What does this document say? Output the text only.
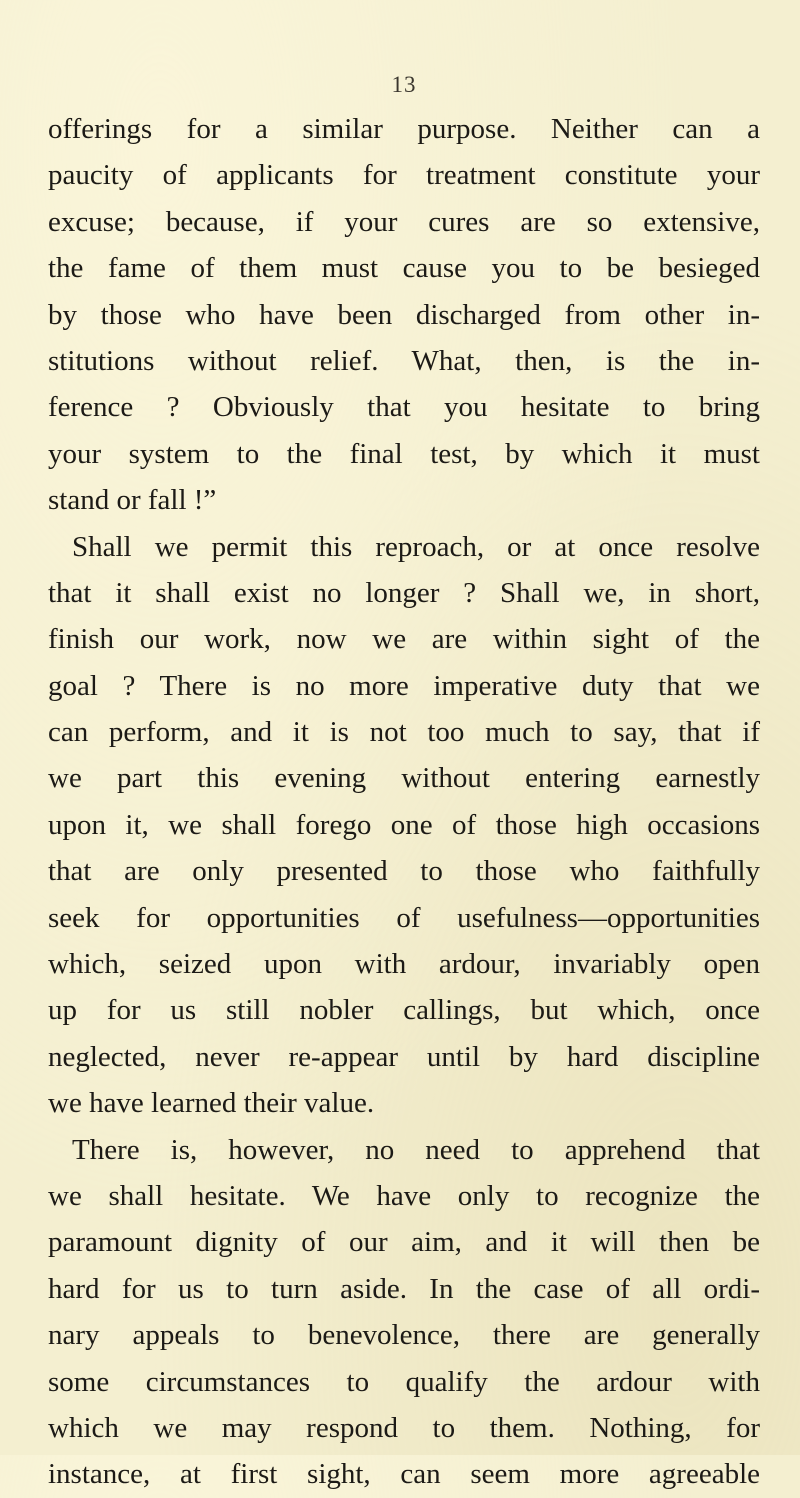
13
offerings for a similar purpose. Neither can a
paucity of applicants for treatment constitute your
excuse; because, if your cures are so extensive,
the fame of them must cause you to be besieged
by those who have been discharged from other in-
stitutions without relief. What, then, is the in-
ference ? Obviously that you hesitate to bring
your system to the final test, by which it must
stand or fall !”
Shall we permit this reproach, or at once resolve
that it shall exist no longer ? Shall we, in short,
finish our work, now we are within sight of the
goal ? There is no more imperative duty that we
can perform, and it is not too much to say, that if
we part this evening without entering earnestly
upon it, we shall forego one of those high occasions
that are only presented to those who faithfully
seek for opportunities of usefulness—opportunities
which, seized upon with ardour, invariably open
up for us still nobler callings, but which, once
neglected, never re-appear until by hard discipline
we have learned their value.
There is, however, no need to apprehend that
we shall hesitate. We have only to recognize the
paramount dignity of our aim, and it will then be
hard for us to turn aside. In the case of all ordi-
nary appeals to benevolence, there are generally
some circumstances to qualify the ardour with
which we may respond to them. Nothing, for
instance, at first sight, can seem more agreeable
